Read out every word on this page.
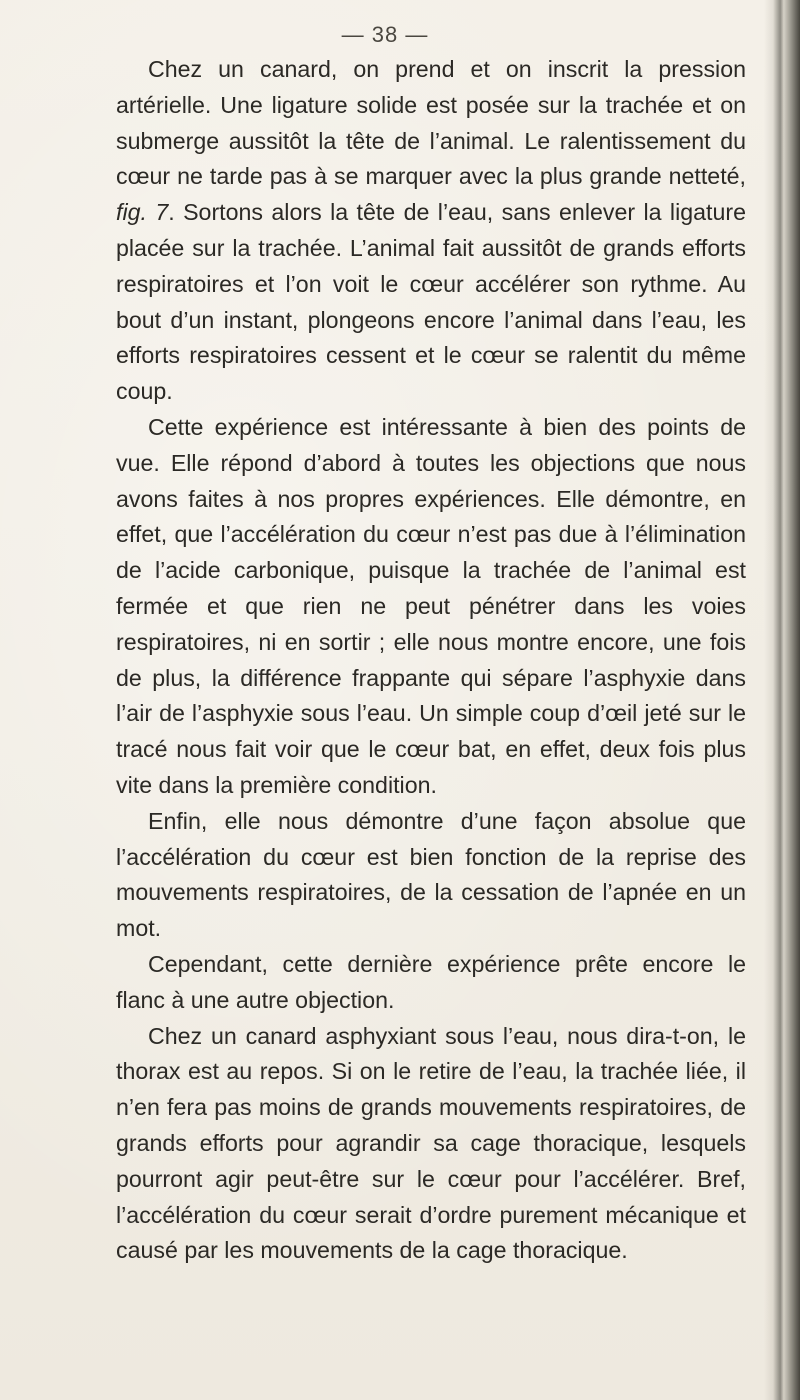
— 38 —

Chez un canard, on prend et on inscrit la pression artérielle. Une ligature solide est posée sur la trachée et on submerge aussitôt la tête de l’animal. Le ralentissement du cœur ne tarde pas à se marquer avec la plus grande netteté, fig. 7. Sortons alors la tête de l’eau, sans enlever la ligature placée sur la trachée. L’animal fait aussitôt de grands efforts respiratoires et l’on voit le cœur accélérer son rythme. Au bout d’un instant, plongeons encore l’animal dans l’eau, les efforts respiratoires cessent et le cœur se ralentit du même coup.

Cette expérience est intéressante à bien des points de vue. Elle répond d’abord à toutes les objections que nous avons faites à nos propres expériences. Elle démontre, en effet, que l’accélération du cœur n’est pas due à l’élimination de l’acide carbonique, puisque la trachée de l’animal est fermée et que rien ne peut pénétrer dans les voies respiratoires, ni en sortir ; elle nous montre encore, une fois de plus, la différence frappante qui sépare l’asphyxie dans l’air de l’asphyxie sous l’eau. Un simple coup d’œil jeté sur le tracé nous fait voir que le cœur bat, en effet, deux fois plus vite dans la première condition.

Enfin, elle nous démontre d’une façon absolue que l’accélération du cœur est bien fonction de la reprise des mouvements respiratoires, de la cessation de l’apnée en un mot.

Cependant, cette dernière expérience prête encore le flanc à une autre objection.

Chez un canard asphyxiant sous l’eau, nous dira-t-on, le thorax est au repos. Si on le retire de l’eau, la trachée liée, il n’en fera pas moins de grands mouvements respiratoires, de grands efforts pour agrandir sa cage thoracique, lesquels pourront agir peut-être sur le cœur pour l’accélérer. Bref, l’accélération du cœur serait d’ordre purement mécanique et causé par les mouvements de la cage thoracique.
